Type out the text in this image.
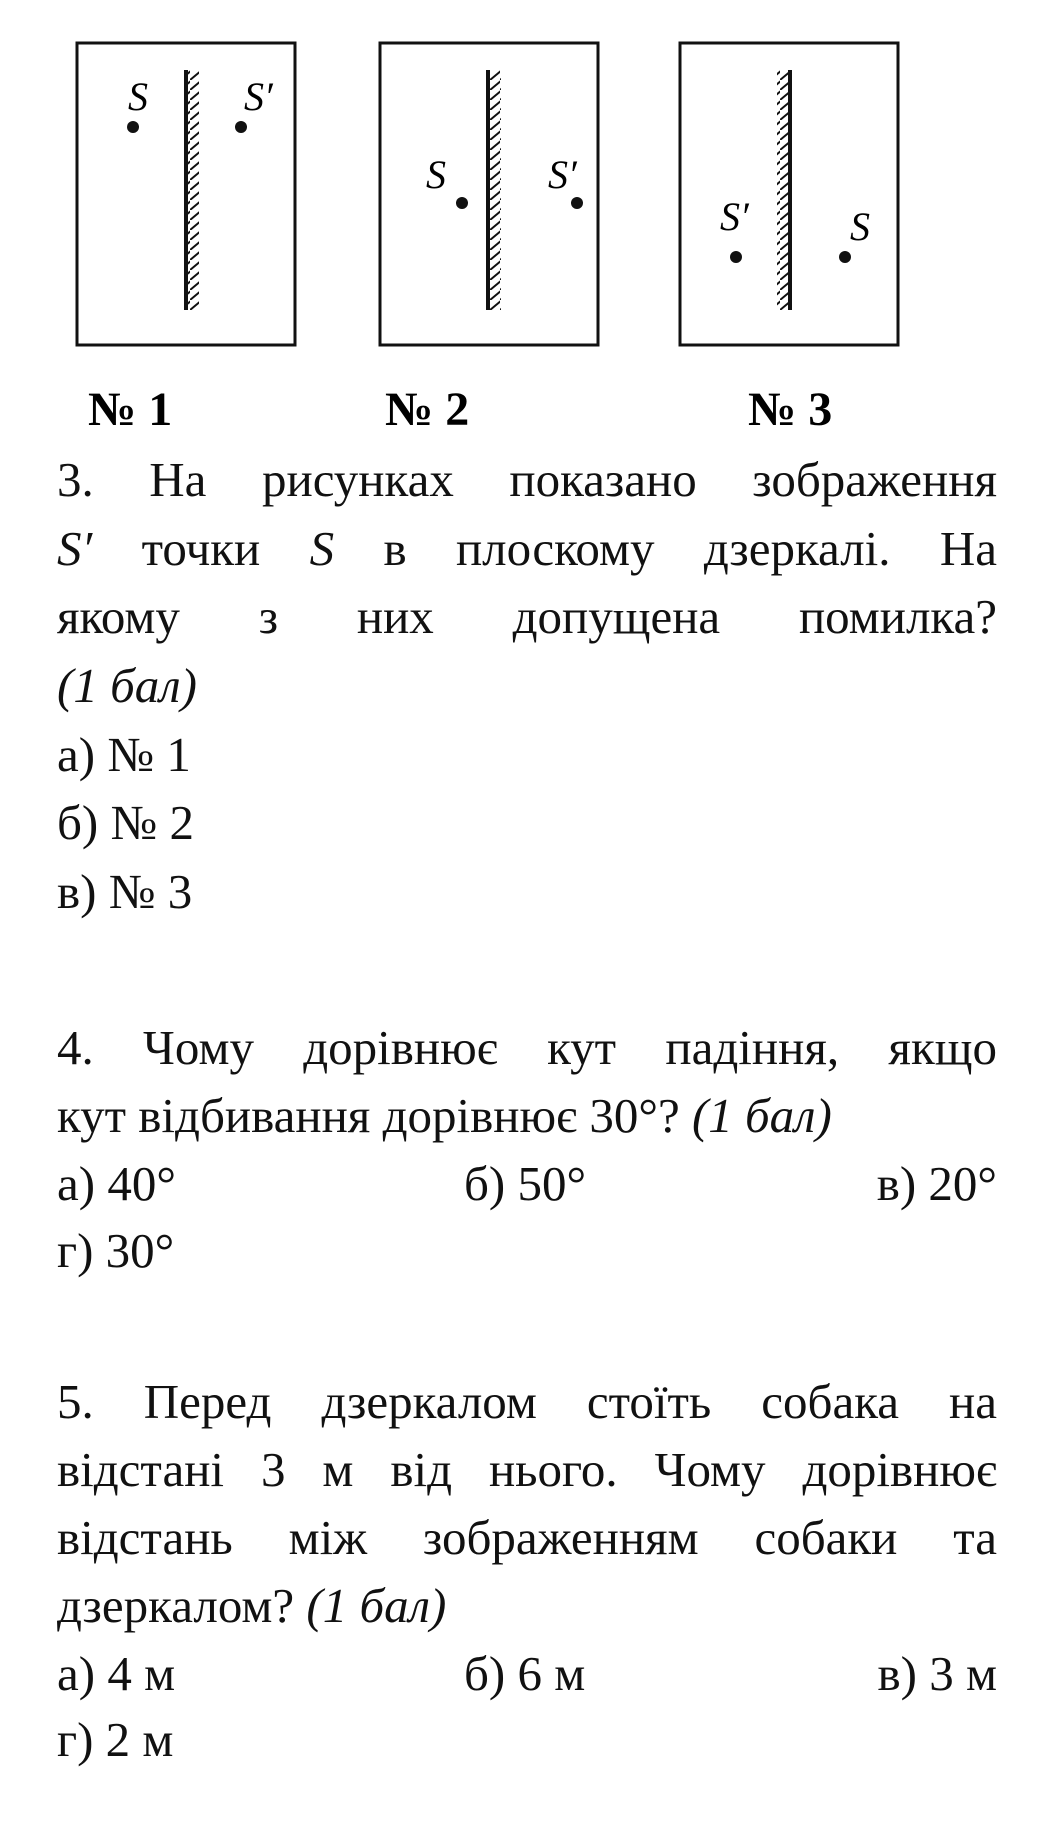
S S′
№ 1
S	S′
№ 2
S′	S
№ 3
3. На рисунках показано зображення
S′ точки S в плоскому дзеркалі. На
якому з них допущена помилка?
(1 бал)
а) № 1
б) № 2
в) № 3
4. Чому дорівнює кут падіння, якщо
кут відбивання дорівнює 30°? (1 бал)
а) 40°	б) 50°	в) 20°
г) 30°
5. Перед дзеркалом стоїть собака на
відстані 3 м від нього. Чому дорівнює
відстань між зображенням собаки та
дзеркалом? (1 бал)
а) 4 м	б) 6 м	в) 3 м
г) 2 м
